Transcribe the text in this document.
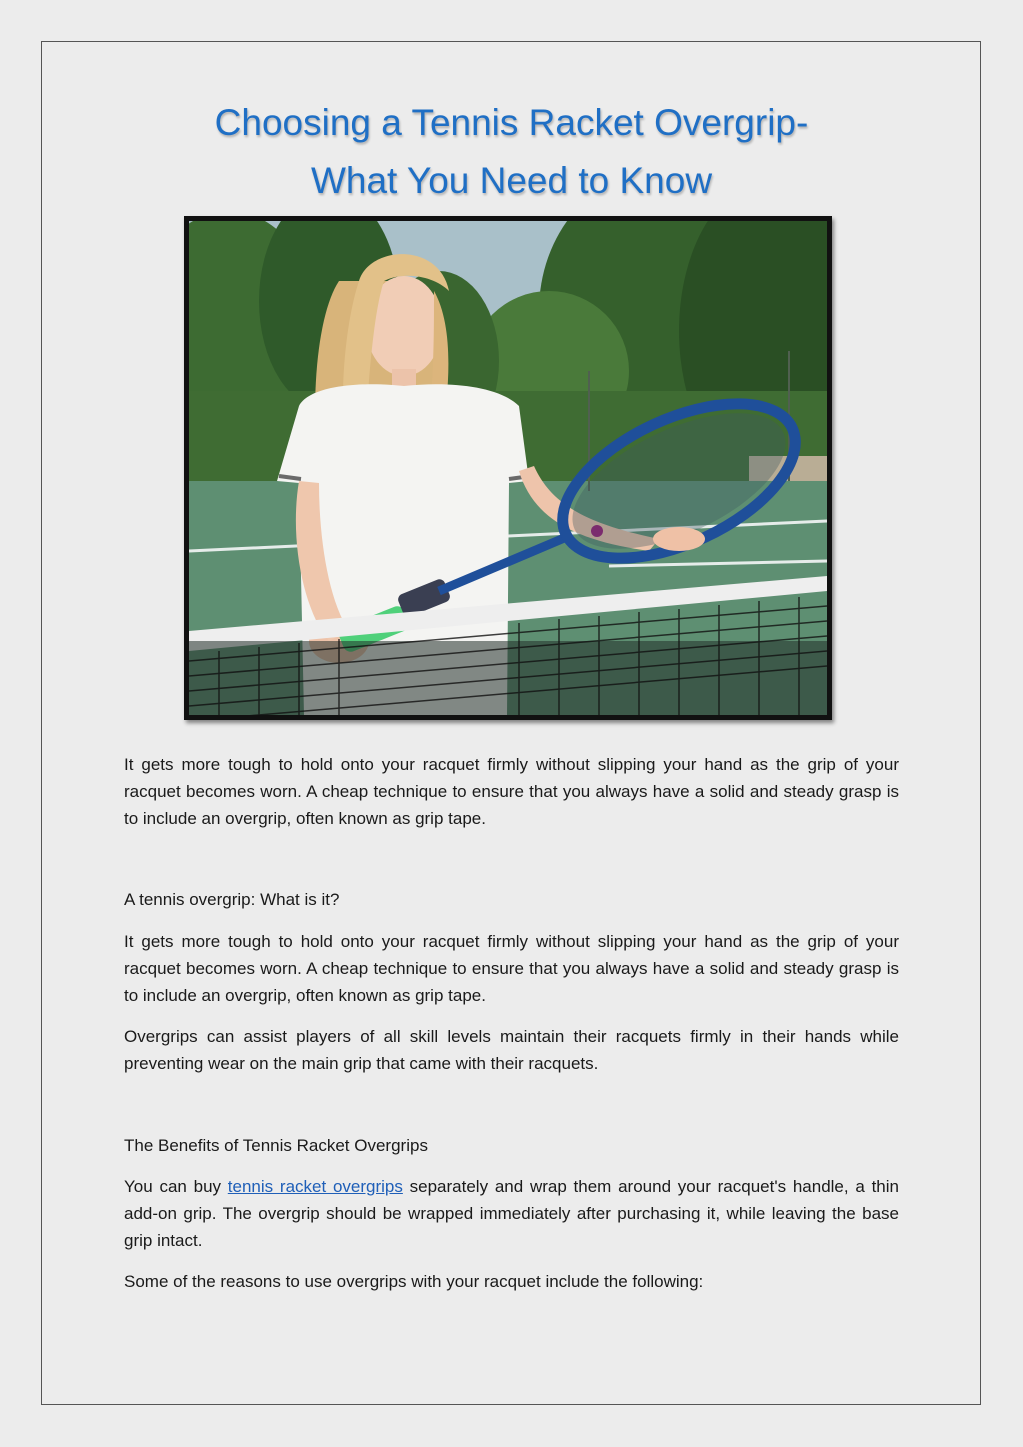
Choosing a Tennis Racket Overgrip-
What You Need to Know

It gets more tough to hold onto your racquet firmly without slipping your hand as the grip of your racquet becomes worn. A cheap technique to ensure that you always have a solid and steady grasp is to include an overgrip, often known as grip tape.

A tennis overgrip: What is it?

It gets more tough to hold onto your racquet firmly without slipping your hand as the grip of your racquet becomes worn. A cheap technique to ensure that you always have a solid and steady grasp is to include an overgrip, often known as grip tape.

Overgrips can assist players of all skill levels maintain their racquets firmly in their hands while preventing wear on the main grip that came with their racquets.

The Benefits of Tennis Racket Overgrips

You can buy tennis racket overgrips separately and wrap them around your racquet's handle, a thin add-on grip. The overgrip should be wrapped immediately after purchasing it, while leaving the base grip intact.

Some of the reasons to use overgrips with your racquet include the following:
